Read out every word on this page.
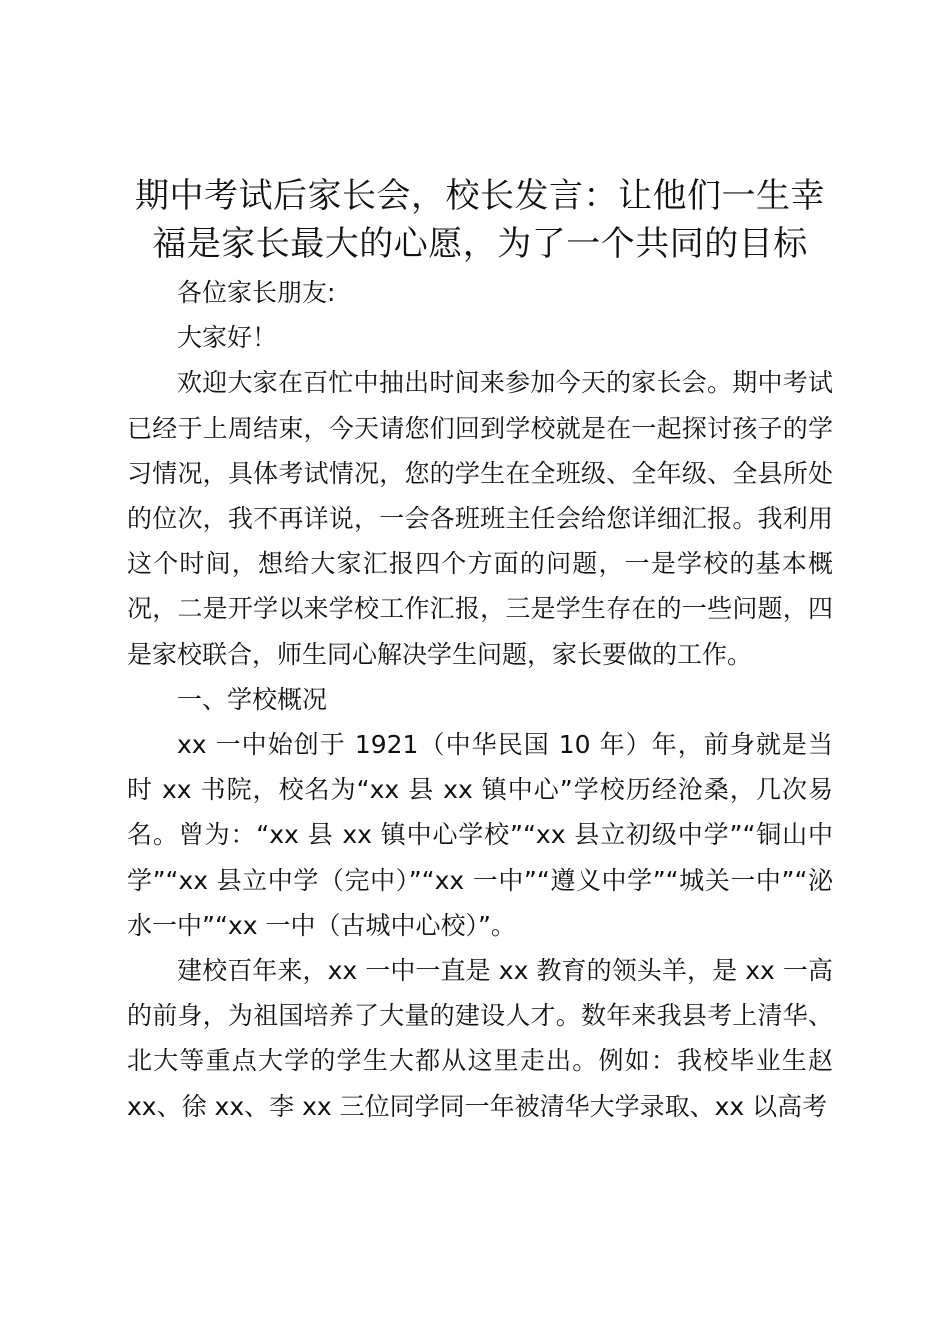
期中考试后家长会，校长发言：让他们一生幸福是家长最大的心愿，为了一个共同的目标

各位家长朋友:

大家好！

欢迎大家在百忙中抽出时间来参加今天的家长会。期中考试已经于上周结束，今天请您们回到学校就是在一起探讨孩子的学习情况，具体考试情况，您的学生在全班级、全年级、全县所处的位次，我不再详说，一会各班班主任会给您详细汇报。我利用这个时间，想给大家汇报四个方面的问题，一是学校的基本概况，二是开学以来学校工作汇报，三是学生存在的一些问题，四是家校联合，师生同心解决学生问题，家长要做的工作。

一、学校概况

xx 一中始创于 1921（中华民国 10 年）年，前身就是当时 xx 书院，校名为“xx 县 xx 镇中心”学校历经沧桑，几次易名。曾为：“xx 县 xx 镇中心学校”“xx 县立初级中学”“铜山中学”“xx 县立中学（完中）”“xx 一中”“遵义中学”“城关一中”“泌水一中”“xx 一中（古城中心校）”。

建校百年来，xx 一中一直是 xx 教育的领头羊，是 xx 一高的前身，为祖国培养了大量的建设人才。数年来我县考上清华、北大等重点大学的学生大都从这里走出。例如：我校毕业生赵 xx、徐 xx、李 xx 三位同学同一年被清华大学录取、xx 以高考
